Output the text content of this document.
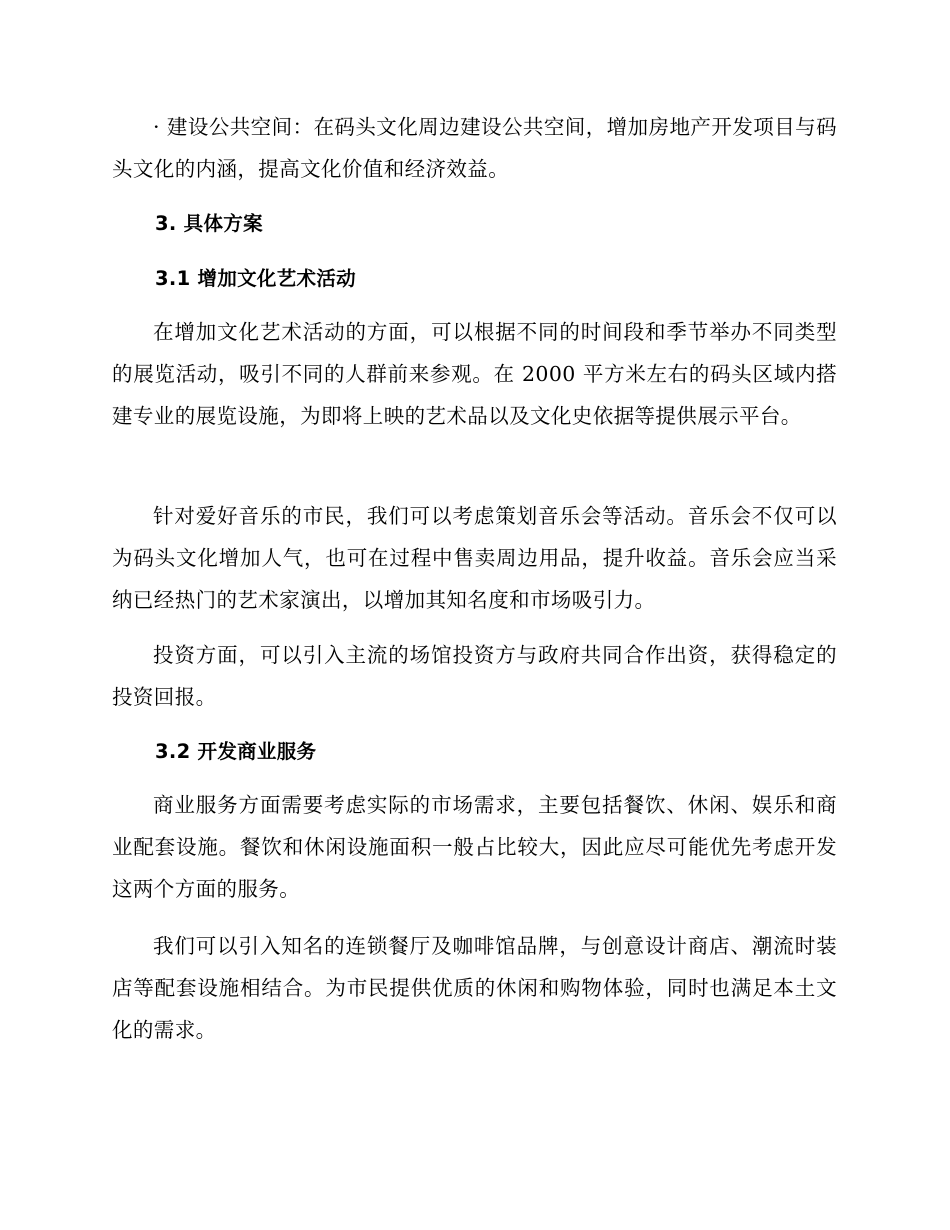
· 建设公共空间：在码头文化周边建设公共空间，增加房地产开发项目与码头文化的内涵，提高文化价值和经济效益。

3. 具体方案
3.1 增加文化艺术活动

在增加文化艺术活动的方面，可以根据不同的时间段和季节举办不同类型的展览活动，吸引不同的人群前来参观。在 2000 平方米左右的码头区域内搭建专业的展览设施，为即将上映的艺术品以及文化史依据等提供展示平台。

针对爱好音乐的市民，我们可以考虑策划音乐会等活动。音乐会不仅可以为码头文化增加人气，也可在过程中售卖周边用品，提升收益。音乐会应当采纳已经热门的艺术家演出，以增加其知名度和市场吸引力。

投资方面，可以引入主流的场馆投资方与政府共同合作出资，获得稳定的投资回报。

3.2 开发商业服务

商业服务方面需要考虑实际的市场需求，主要包括餐饮、休闲、娱乐和商业配套设施。餐饮和休闲设施面积一般占比较大，因此应尽可能优先考虑开发这两个方面的服务。

我们可以引入知名的连锁餐厅及咖啡馆品牌，与创意设计商店、潮流时装店等配套设施相结合。为市民提供优质的休闲和购物体验，同时也满足本土文化的需求。
